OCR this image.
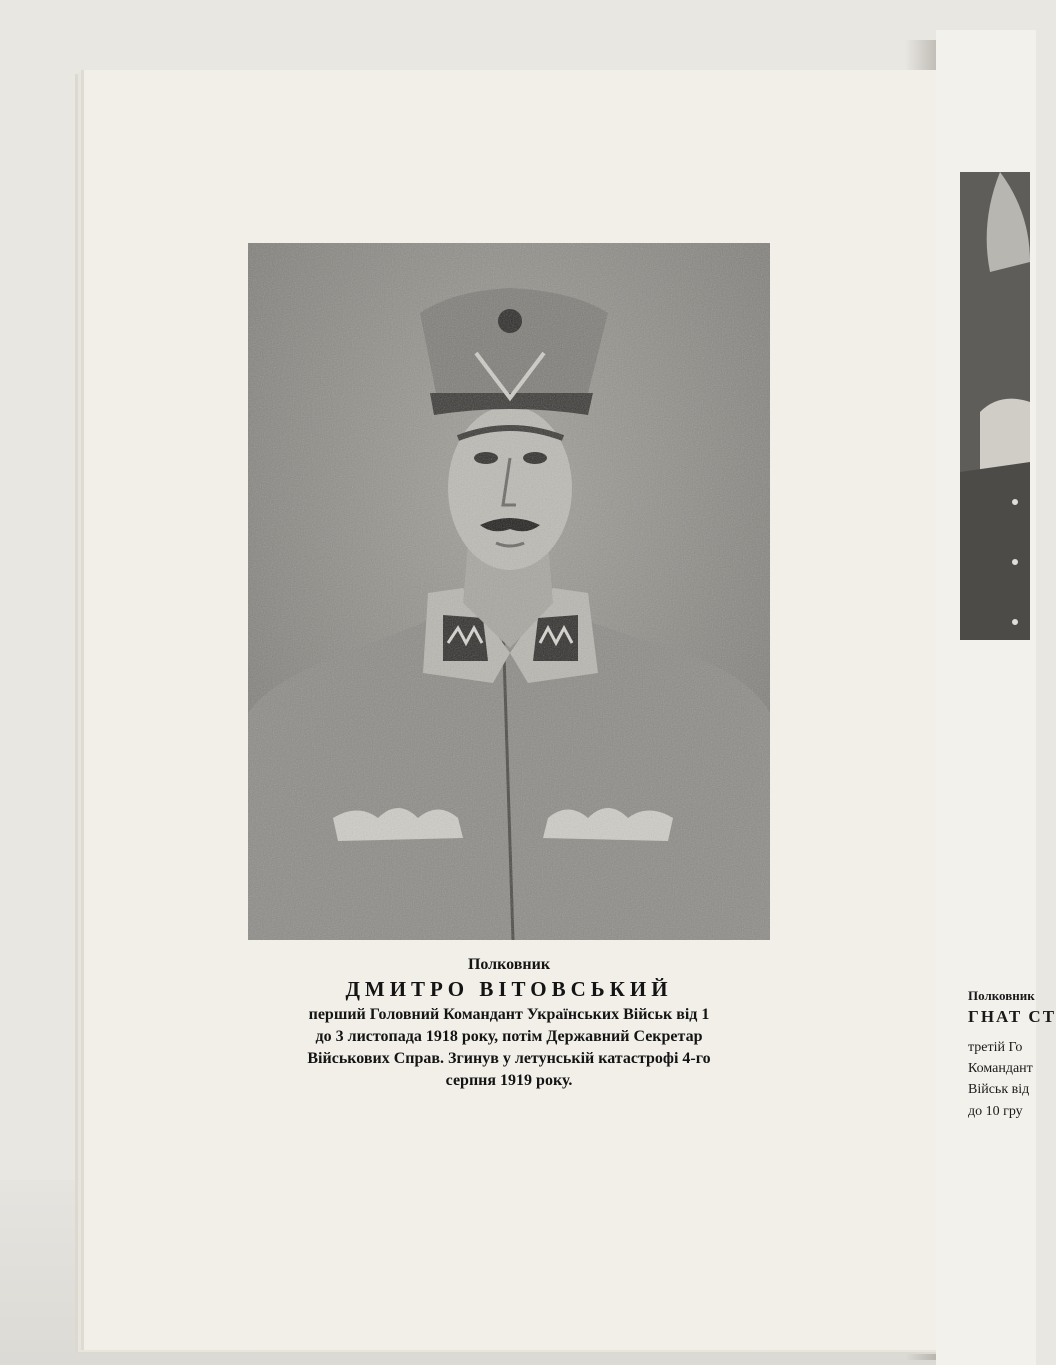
Полковник
ДМИТРО ВІТОВСЬКИЙ
перший Головний Командант Українських Військ від 1
до 3 листопада 1918 року, потім Державний Секретар
Військових Справ. Згинув у летунській катастрофі 4-го
серпня 1919 року.
Полковник
ГНАТ СТ
третій Го
Командант
Військ від
до 10 гру
